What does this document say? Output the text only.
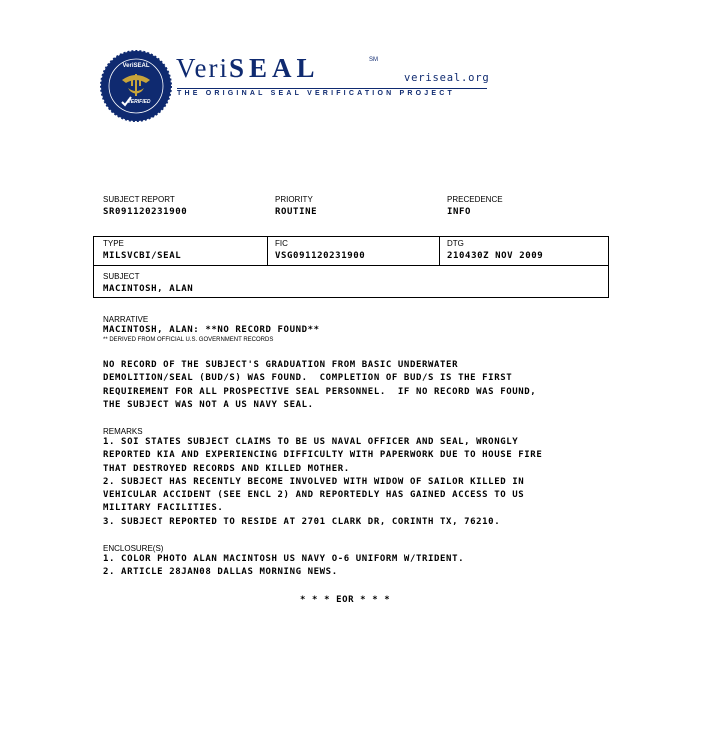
VeriSEAL
VERIFIED
VeriSEAL	SM
veriseal.org
THE ORIGINAL SEAL VERIFICATION PROJECT
SUBJECT REPORT
SR091120231900
PRIORITY
ROUTINE
PRECEDENCE
INFO
TYPE
MILSVCBI/SEAL
FIC
VSG091120231900
DTG
210430Z NOV 2009
SUBJECT
MACINTOSH, ALAN
NARRATIVE
MACINTOSH, ALAN: **NO RECORD FOUND**
** DERIVED FROM OFFICIAL U.S. GOVERNMENT RECORDS
NO RECORD OF THE SUBJECT'S GRADUATION FROM BASIC UNDERWATER
DEMOLITION/SEAL (BUD/S) WAS FOUND.  COMPLETION OF BUD/S IS THE FIRST
REQUIREMENT FOR ALL PROSPECTIVE SEAL PERSONNEL.  IF NO RECORD WAS FOUND,
THE SUBJECT WAS NOT A US NAVY SEAL.
REMARKS
1. SOI STATES SUBJECT CLAIMS TO BE US NAVAL OFFICER AND SEAL, WRONGLY
REPORTED KIA AND EXPERIENCING DIFFICULTY WITH PAPERWORK DUE TO HOUSE FIRE
THAT DESTROYED RECORDS AND KILLED MOTHER.
2. SUBJECT HAS RECENTLY BECOME INVOLVED WITH WIDOW OF SAILOR KILLED IN
VEHICULAR ACCIDENT (SEE ENCL 2) AND REPORTEDLY HAS GAINED ACCESS TO US
MILITARY FACILITIES.
3. SUBJECT REPORTED TO RESIDE AT 2701 CLARK DR, CORINTH TX, 76210.
ENCLOSURE(S)
1. COLOR PHOTO ALAN MACINTOSH US NAVY O-6 UNIFORM W/TRIDENT.
2. ARTICLE 28JAN08 DALLAS MORNING NEWS.
* * * EOR * * *
